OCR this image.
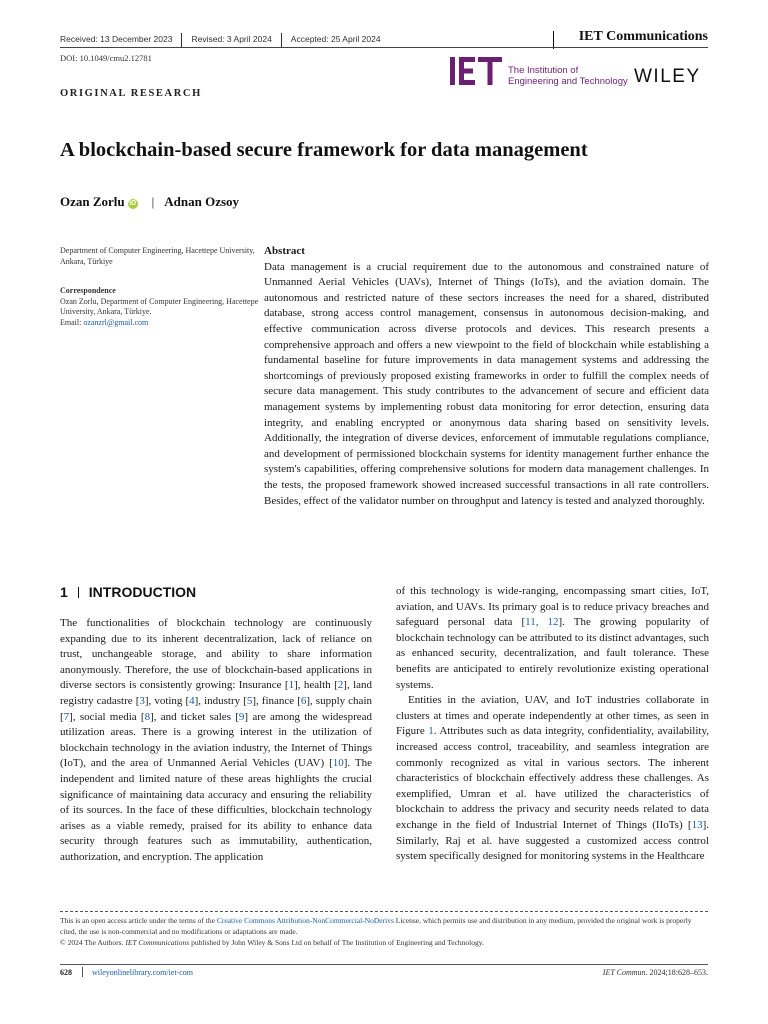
Received: 13 December 2023 Revised: 3 April 2024 Accepted: 25 April 2024	IET Communications
DOI: 10.1049/cmu2.12781
The Institution of
Engineering and Technology WILEY
ORIGINAL RESEARCH
A blockchain-based secure framework for data management
Ozan Zorlu iD | Adnan Ozsoy
Department of Computer Engineering, Hacettepe University, Ankara, Türkiye
Correspondence
Ozan Zorlu, Department of Computer Engineering, Hacettepe University, Ankara, Türkiye.
Email: ozanzrl@gmail.com
Abstract
Data management is a crucial requirement due to the autonomous and constrained nature of Unmanned Aerial Vehicles (UAVs), Internet of Things (IoTs), and the aviation domain. The autonomous and restricted nature of these sectors increases the need for a shared, distributed database, strong access control management, consensus in autonomous decision-making, and effective communication across diverse protocols and devices. This research presents a comprehensive approach and offers a new viewpoint to the field of blockchain while establishing a fundamental baseline for future improvements in data management systems and addressing the shortcomings of previously proposed existing frameworks in order to fulfill the complex needs of secure data management. This study contributes to the advancement of secure and efficient data management systems by implementing robust data monitoring for error detection, ensuring data integrity, and enabling encrypted or anonymous data sharing based on sensitivity levels. Additionally, the integration of diverse devices, enforcement of immutable regulations compliance, and development of permissioned blockchain systems for identity management further enhance the system's capabilities, offering comprehensive solutions for modern data management challenges. In the tests, the proposed framework showed increased successful transactions in all rate controllers. Besides, effect of the validator number on throughput and latency is tested and analyzed thoroughly.
1 INTRODUCTION

The functionalities of blockchain technology are continuously expanding due to its inherent decentralization, lack of reliance on trust, unchangeable storage, and ability to share information anonymously. Therefore, the use of blockchain-based applications in diverse sectors is consistently growing: Insurance [1], health [2], land registry cadastre [3], voting [4], industry [5], finance [6], supply chain [7], social media [8], and ticket sales [9] are among the widespread utilization areas. There is a growing interest in the utilization of blockchain technology in the aviation industry, the Internet of Things (IoT), and the area of Unmanned Aerial Vehicles (UAV) [10]. The independent and limited nature of these areas highlights the crucial significance of maintaining data accuracy and ensuring the reliability of its sources. In the face of these difficulties, blockchain technology arises as a viable remedy, praised for its ability to enhance data security through features such as immutability, authentication, authorization, and encryption. The application

of this technology is wide-ranging, encompassing smart cities, IoT, aviation, and UAVs. Its primary goal is to reduce privacy breaches and safeguard personal data [11, 12]. The growing popularity of blockchain technology can be attributed to its distinct advantages, such as enhanced security, decentralization, and fault tolerance. These benefits are anticipated to entirely revolutionize existing operational systems.

Entities in the aviation, UAV, and IoT industries collaborate in clusters at times and operate independently at other times, as seen in Figure 1. Attributes such as data integrity, confidentiality, availability, increased access control, traceability, and seamless integration are commonly recognized as vital in various sectors. The inherent characteristics of blockchain effectively address these challenges. As exemplified, Umran et al. have utilized the characteristics of blockchain to address the privacy and security needs related to data exchange in the field of Industrial Internet of Things (IIoTs) [13]. Similarly, Raj et al. have suggested a customized access control system specifically designed for monitoring systems in the Healthcare

This is an open access article under the terms of the Creative Commons Attribution-NonCommercial-NoDerivs License, which permits use and distribution in any medium, provided the original work is properly cited, the use is non-commercial and no modifications or adaptations are made.
© 2024 The Authors. IET Communications published by John Wiley & Sons Ltd on behalf of The Institution of Engineering and Technology.
628	wileyonlinelibrary.com/iet-com	IET Commun. 2024;18:628–653.
